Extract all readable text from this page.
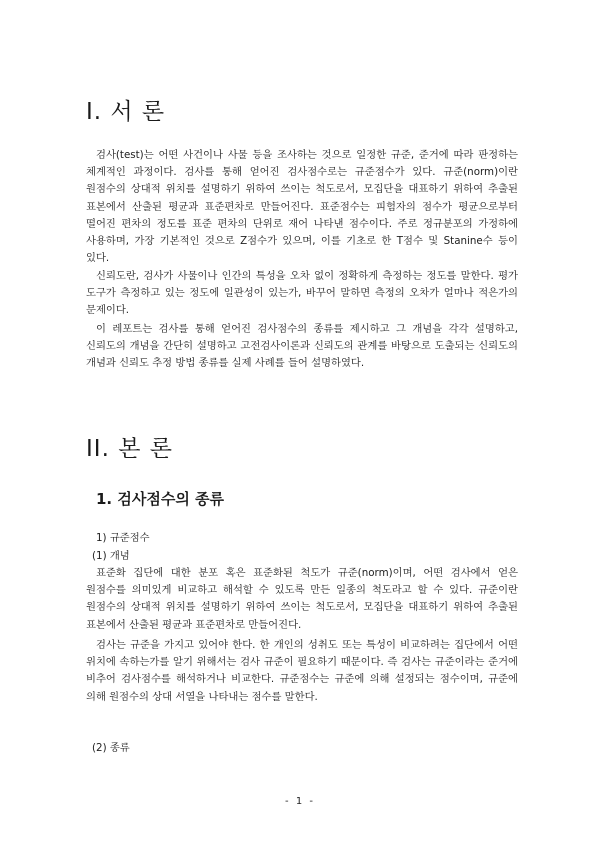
I. 서 론

검사(test)는 어떤 사건이나 사물 등을 조사하는 것으로 일정한 규준, 준거에 따라 판정하는 체계적인 과정이다. 검사를 통해 얻어진 검사점수로는 규준점수가 있다. 규준(norm)이란 원점수의 상대적 위치를 설명하기 위하여 쓰이는 척도로서, 모집단을 대표하기 위하여 추출된 표본에서 산출된 평균과 표준편차로 만들어진다. 표준점수는 피험자의 점수가 평균으로부터 떨어진 편차의 정도를 표준 편차의 단위로 재어 나타낸 점수이다. 주로 정규분포의 가정하에 사용하며, 가장 기본적인 것으로 Z점수가 있으며, 이를 기초로 한 T점수 및 Stanine수 등이 있다.

신뢰도란, 검사가 사물이나 인간의 특성을 오차 없이 정확하게 측정하는 정도를 말한다. 평가 도구가 측정하고 있는 정도에 일관성이 있는가, 바꾸어 말하면 측정의 오차가 얼마나 적은가의 문제이다.

이 레포트는 검사를 통해 얻어진 검사점수의 종류를 제시하고 그 개념을 각각 설명하고, 신뢰도의 개념을 간단히 설명하고 고전검사이론과 신뢰도의 관계를 바탕으로 도출되는 신뢰도의 개념과 신뢰도 추정 방법 종류를 실제 사례를 들어 설명하였다.

II. 본 론
1. 검사점수의 종류

1) 규준점수

(1) 개념

표준화 집단에 대한 분포 혹은 표준화된 척도가 규준(norm)이며, 어떤 검사에서 얻은 원점수를 의미있게 비교하고 해석할 수 있도록 만든 일종의 척도라고 할 수 있다. 규준이란 원점수의 상대적 위치를 설명하기 위하여 쓰이는 척도로서, 모집단을 대표하기 위하여 추출된 표본에서 산출된 평균과 표준편차로 만들어진다.

검사는 규준을 가지고 있어야 한다. 한 개인의 성취도 또는 특성이 비교하려는 집단에서 어떤 위치에 속하는가를 알기 위해서는 검사 규준이 필요하기 때문이다. 즉 검사는 규준이라는 준거에 비추어 검사점수를 해석하거나 비교한다. 규준점수는 규준에 의해 설정되는 점수이며, 규준에 의해 원점수의 상대 서열을 나타내는 점수를 말한다.

(2) 종류

- 1 -
